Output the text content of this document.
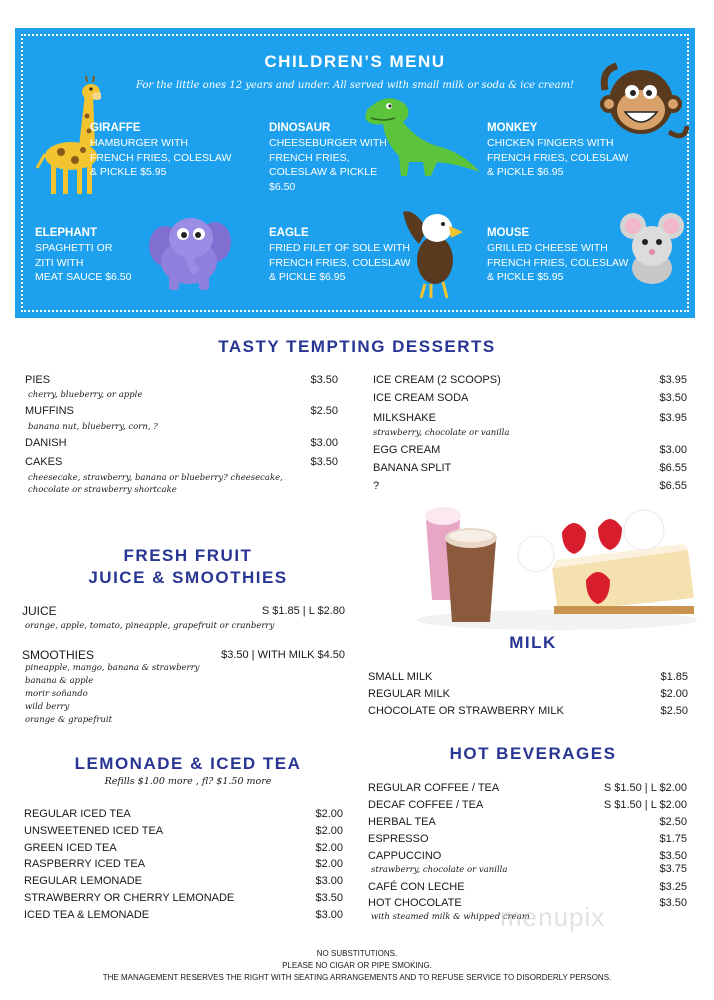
CHILDREN’S MENU
For the little ones 12 years and under. All served with small milk or soda & ice cream!
GIRAFFE
HAMBURGER WITH
FRENCH FRIES, COLESLAW
& PICKLE $5.95
DINOSAUR
CHEESEBURGER WITH
FRENCH FRIES,
COLESLAW & PICKLE
$6.50
MONKEY
CHICKEN FINGERS WITH
FRENCH FRIES, COLESLAW
& PICKLE $6.95
ELEPHANT
SPAGHETTI OR
ZITI WITH
MEAT SAUCE $6.50
EAGLE
FRIED FILET OF SOLE WITH
FRENCH FRIES, COLESLAW
& PICKLE $6.95
MOUSE
GRILLED CHEESE WITH
FRENCH FRIES, COLESLAW
& PICKLE $5.95
TASTY TEMPTING DESSERTS
PIES	$3.50
cherry, blueberry, or apple
MUFFINS	$2.50
banana nut, blueberry, corn, ?
DANISH	$3.00
CAKES	$3.50
cheesecake, strawberry, banana or blueberry? cheesecake,
chocolate or strawberry shortcake
ICE CREAM (2 SCOOPS)	$3.95
ICE CREAM SODA	$3.50
MILKSHAKE	$3.95
strawberry, chocolate or vanilla
EGG CREAM	$3.00
BANANA SPLIT	$6.55
?	$6.55
FRESH FRUIT
JUICE & SMOOTHIES
JUICE	S $1.85 | L $2.80
orange, apple, tomato, pineapple, grapefruit or cranberry
SMOOTHIES	$3.50 | WITH MILK $4.50
pineapple, mango, banana & strawberry
banana & apple
morir soñando
wild berry
orange & grapefruit
LEMONADE & ICED TEA
Refills $1.00 more , fl? $1.50 more
REGULAR ICED TEA	$2.00
UNSWEETENED ICED TEA	$2.00
GREEN ICED TEA	$2.00
RASPBERRY ICED TEA	$2.00
REGULAR LEMONADE	$3.00
STRAWBERRY OR CHERRY LEMONADE	$3.50
ICED TEA & LEMONADE	$3.00
MILK
SMALL MILK	$1.85
REGULAR MILK	$2.00
CHOCOLATE OR STRAWBERRY MILK	$2.50
HOT BEVERAGES
REGULAR COFFEE / TEA	S $1.50 | L $2.00
DECAF COFFEE / TEA	S $1.50 | L $2.00
HERBAL TEA	$2.50
ESPRESSO	$1.75
CAPPUCCINO	$3.50
strawberry, chocolate or vanilla	$3.75
CAFÉ CON LECHE	$3.25
HOT CHOCOLATE	$3.50
with steamed milk & whipped cream
menupix
NO SUBSTITUTIONS.
PLEASE NO CIGAR OR PIPE SMOKING.
THE MANAGEMENT RESERVES THE RIGHT WITH SEATING ARRANGEMENTS AND TO REFUSE SERVICE TO DISORDERLY PERSONS.
